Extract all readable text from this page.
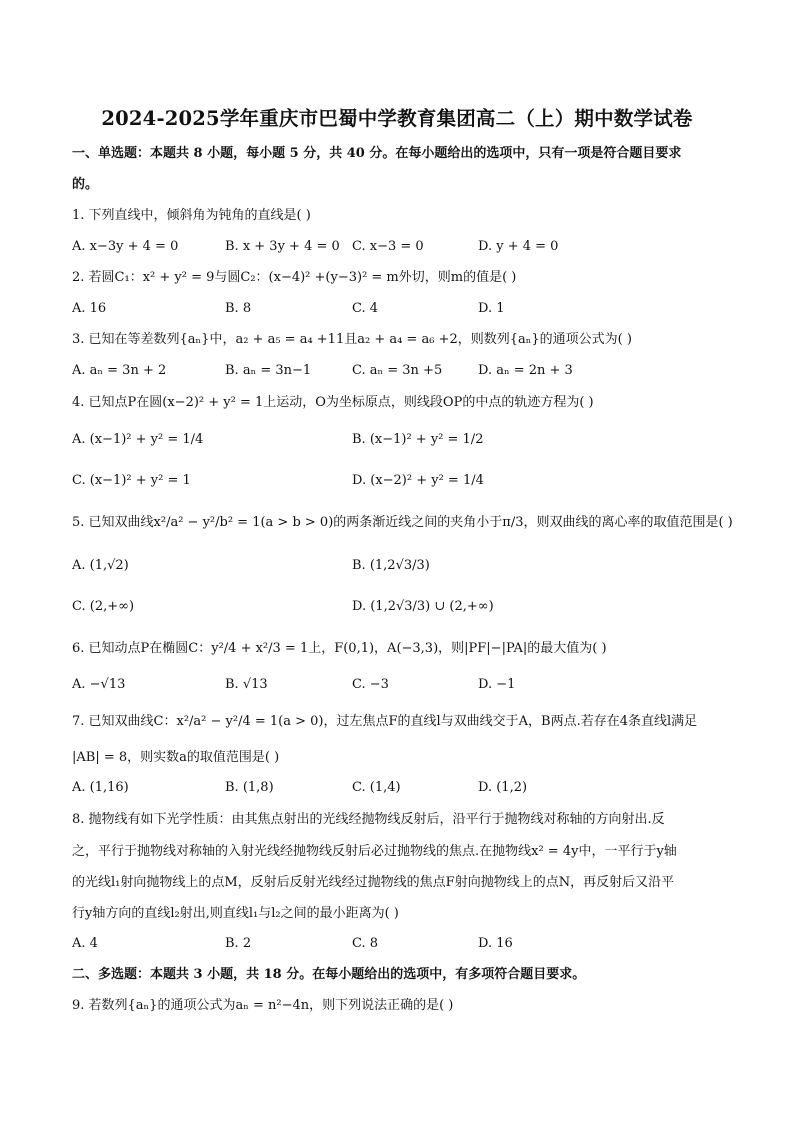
2024-2025学年重庆市巴蜀中学教育集团高二（上）期中数学试卷
一、单选题：本题共 8 小题，每小题 5 分，共 40 分。在每小题给出的选项中，只有一项是符合题目要求
的。
1. 下列直线中，倾斜角为钝角的直线是( )
A. x−3y + 4 = 0	B. x + 3y + 4 = 0 C. x−3 = 0	D. y + 4 = 0
2. 若圆C₁：x² + y² = 9与圆C₂：(x−4)² +(y−3)² = m外切，则m的值是( )
A. 16	B. 8	C. 4	D. 1
3. 已知在等差数列{aₙ}中，a₂ + a₅ = a₄ +11且a₂ + a₄ = a₆ +2，则数列{aₙ}的通项公式为( )
A. aₙ = 3n + 2	B. aₙ = 3n−1	C. aₙ = 3n +5	D. aₙ = 2n + 3
4. 已知点P在圆(x−2)² + y² = 1上运动，O为坐标原点，则线段OP的中点的轨迹方程为( )
A. (x−1)² + y² = 1/4	B. (x−1)² + y² = 1/2
C. (x−1)² + y² = 1	D. (x−2)² + y² = 1/4
5. 已知双曲线x²/a² − y²/b² = 1(a > b > 0)的两条渐近线之间的夹角小于π/3，则双曲线的离心率的取值范围是( )
A. (1,√2)	B. (1,2√3/3)
C. (2,+∞)	D. (1,2√3/3) ∪ (2,+∞)
6. 已知动点P在椭圆C：y²/4 + x²/3 = 1上，F(0,1)，A(−3,3)，则|PF|−|PA|的最大值为( )
A. −√13	B. √13	C. −3	D. −1
7. 已知双曲线C：x²/a² − y²/4 = 1(a > 0)，过左焦点F的直线l与双曲线交于A，B两点.若存在4条直线l满足
|AB| = 8，则实数a的取值范围是( )
A. (1,16)	B. (1,8)	C. (1,4)	D. (1,2)
8. 抛物线有如下光学性质：由其焦点射出的光线经抛物线反射后，沿平行于抛物线对称轴的方向射出.反
之，平行于抛物线对称轴的入射光线经抛物线反射后必过抛物线的焦点.在抛物线x² = 4y中，一平行于y轴
的光线l₁射向抛物线上的点M，反射后反射光线经过抛物线的焦点F射向抛物线上的点N，再反射后又沿平
行y轴方向的直线l₂射出,则直线l₁与l₂之间的最小距离为( )
A. 4	B. 2	C. 8	D. 16
二、多选题：本题共 3 小题，共 18 分。在每小题给出的选项中，有多项符合题目要求。
9. 若数列{aₙ}的通项公式为aₙ = n²−4n，则下列说法正确的是( )
